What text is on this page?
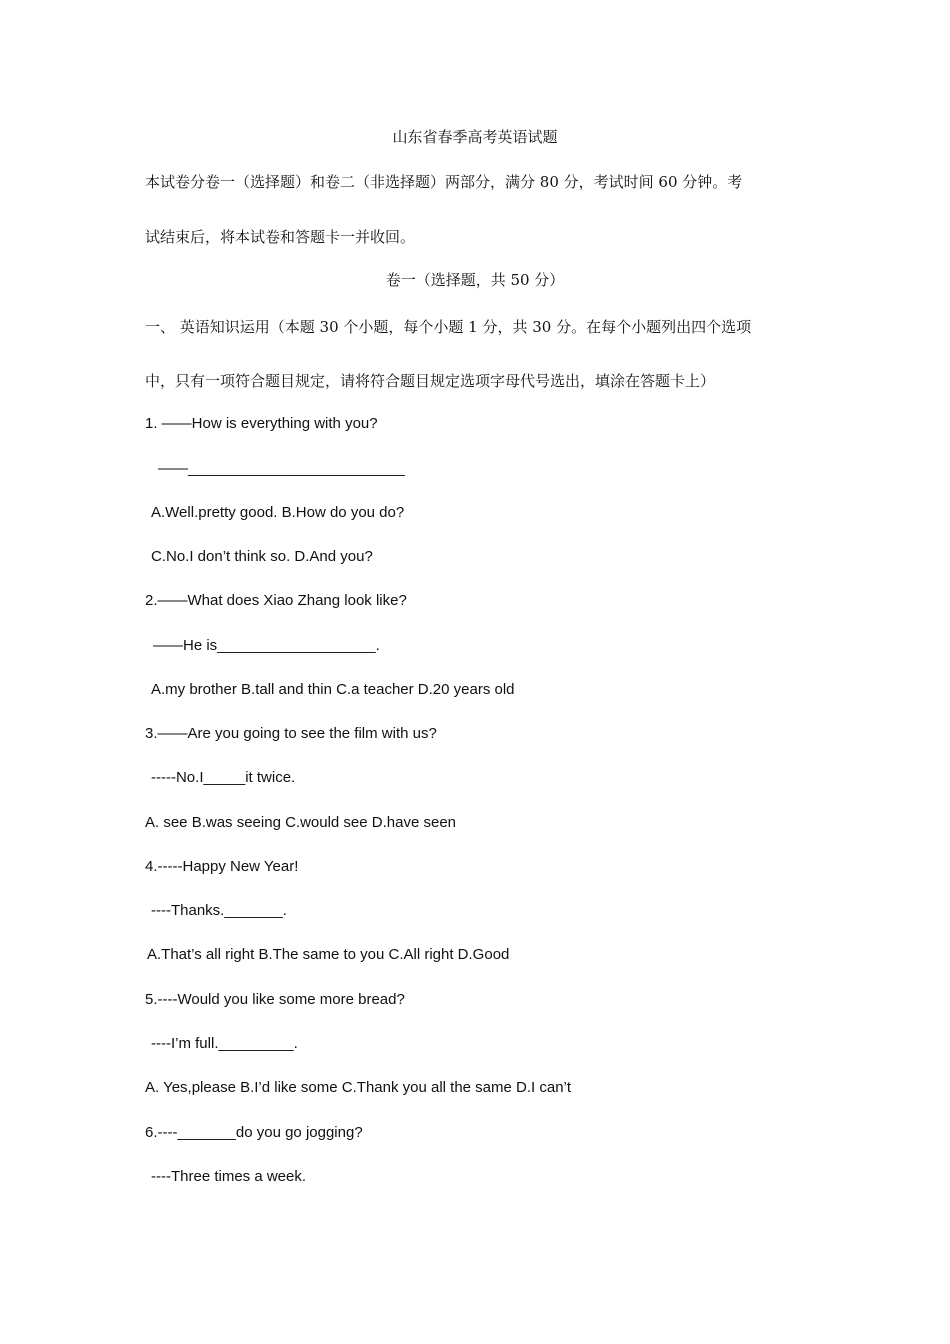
山东省春季高考英语试题
本试卷分卷一（选择题）和卷二（非选择题）两部分，满分 80 分，考试时间 60 分钟。考
试结束后，将本试卷和答题卡一并收回。
卷一（选择题，共 50 分）
一、 英语知识运用（本题 30 个小题，每个小题 1 分，共 30 分。在每个小题列出四个选项
中，只有一项符合题目规定，请将符合题目规定选项字母代号选出，填涂在答题卡上）
1. ——How is everything with you?
——__________________________
A.Well.pretty good. B.How do you do?
C.No.I don’t think so. D.And you?
2.——What does Xiao Zhang look like?
——He is___________________.
A.my brother B.tall and thin C.a teacher D.20 years old
3.——Are you going to see the film with us?
-----No.I_____it twice.
A. see B.was seeing C.would see D.have seen
4.-----Happy New Year!
----Thanks._______.
A.That’s all right B.The same to you C.All right D.Good
5.----Would you like some more bread?
----I’m full._________.
A. Yes,please B.I’d like some C.Thank you all the same D.I can’t
6.----_______do you go jogging?
----Three times a week.
